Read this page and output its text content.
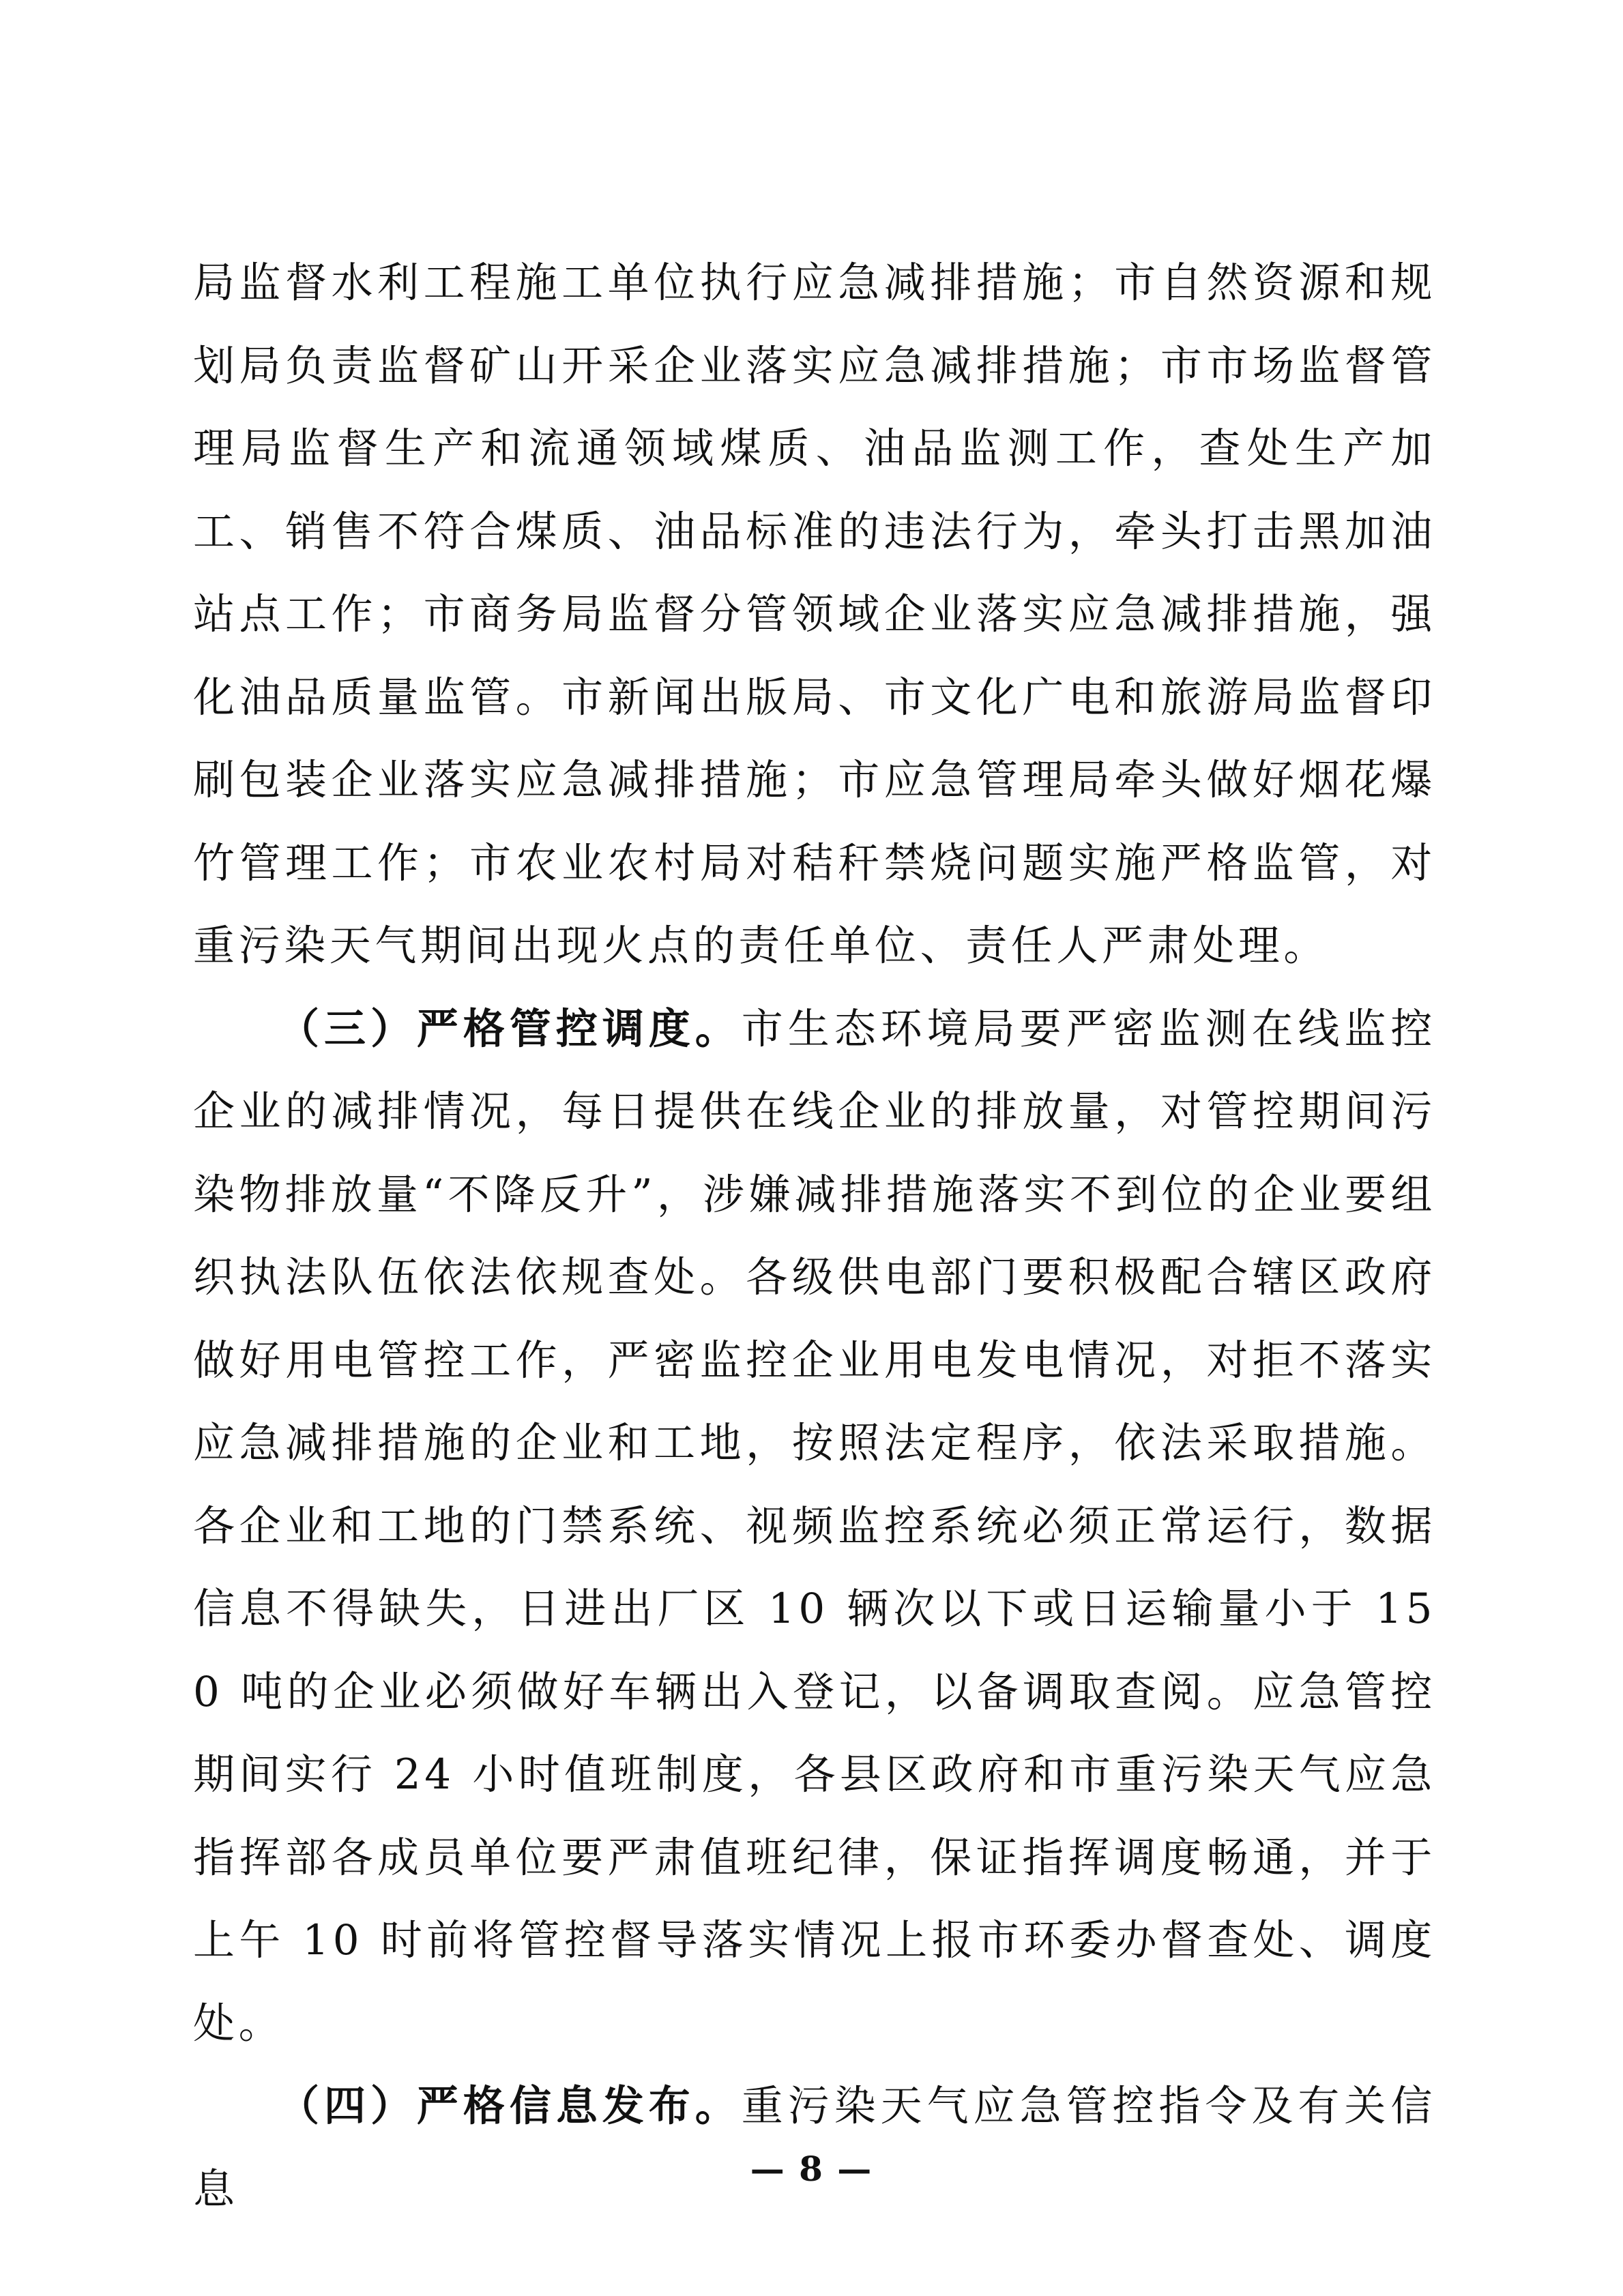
局监督水利工程施工单位执行应急减排措施；市自然资源和规划局负责监督矿山开采企业落实应急减排措施；市市场监督管理局监督生产和流通领域煤质、油品监测工作，查处生产加工、销售不符合煤质、油品标准的违法行为，牵头打击黑加油站点工作；市商务局监督分管领域企业落实应急减排措施，强化油品质量监管。市新闻出版局、市文化广电和旅游局监督印刷包装企业落实应急减排措施；市应急管理局牵头做好烟花爆竹管理工作；市农业农村局对秸秆禁烧问题实施严格监管，对重污染天气期间出现火点的责任单位、责任人严肃处理。

（三）严格管控调度。市生态环境局要严密监测在线监控企业的减排情况，每日提供在线企业的排放量，对管控期间污染物排放量“不降反升”，涉嫌减排措施落实不到位的企业要组织执法队伍依法依规查处。各级供电部门要积极配合辖区政府做好用电管控工作，严密监控企业用电发电情况，对拒不落实应急减排措施的企业和工地，按照法定程序，依法采取措施。各企业和工地的门禁系统、视频监控系统必须正常运行，数据信息不得缺失，日进出厂区 10 辆次以下或日运输量小于 150 吨的企业必须做好车辆出入登记，以备调取查阅。应急管控期间实行 24 小时值班制度，各县区政府和市重污染天气应急指挥部各成员单位要严肃值班纪律，保证指挥调度畅通，并于上午 10 时前将管控督导落实情况上报市环委办督查处、调度处。

（四）严格信息发布。重污染天气应急管控指令及有关信息	— 8 —
